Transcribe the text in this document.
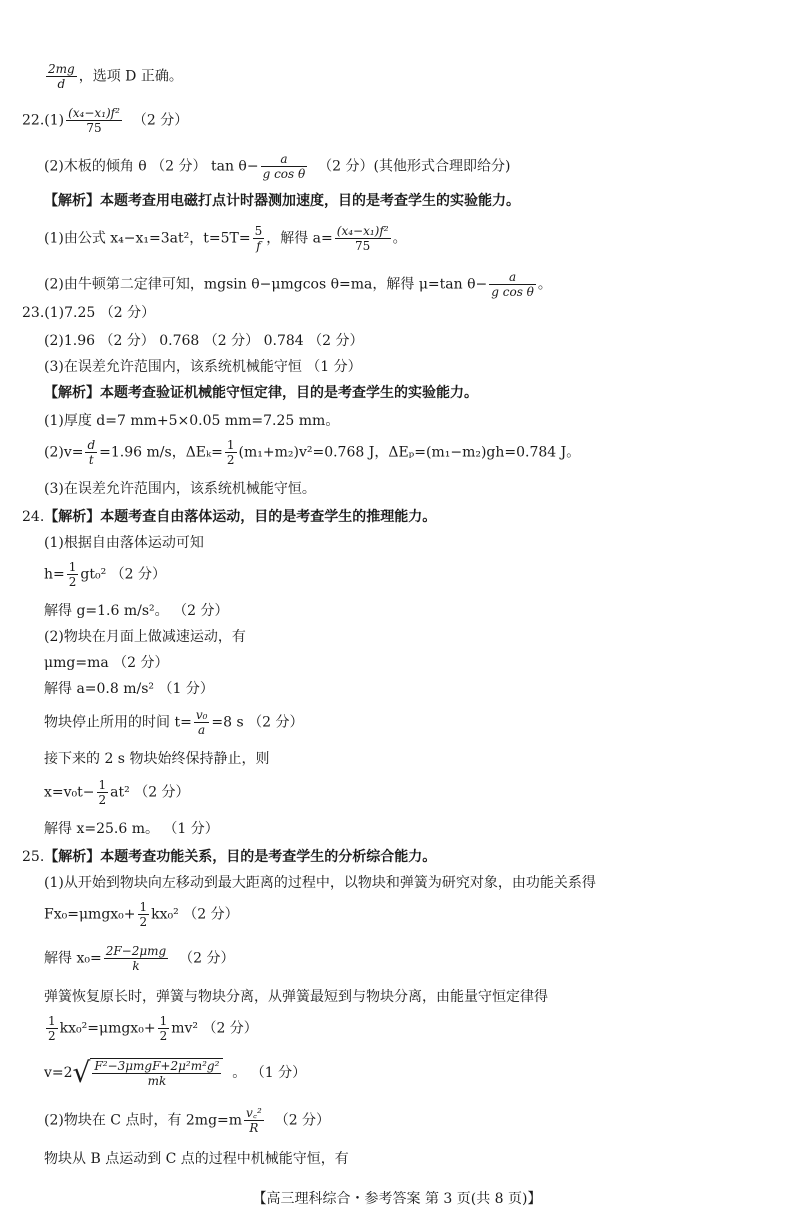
$\frac{2mg}{d}$ ，选项 D 正确。
$22.(1) \frac{\text{(x₄−x₁)f²}}{75} (2$ 分）
(2)木板的倾角 θ （2 分） $\tan \theta- \frac{a}{\text{g cos θ}} (2$ 分）(其他形式合理即给分)
【解析】本题考查用电磁打点计时器测加速度，目的是考查学生的实验能力。
(1)由公式 x₄−x₁=3at²，$t=5T= \frac{5}{f}$ ，解得 $a= \frac{\text{(x₄−x₁)f²}}{75}$ 。
(2)由牛顿第二定律可知，mgsin θ−μmgcos θ=ma，解得 μ=tan $\theta- \frac{a}{\text{g cos θ}}$ 。
23.(1)7.25 （2 分）
(2)1.96 （2 分） 0.768 （2 分） 0.784 （2 分）
(3)在误差允许范围内，该系统机械能守恒 （1 分）
【解析】本题考查验证机械能守恒定律，目的是考查学生的实验能力。
(1)厚度 d=7 mm+5×0.05 mm=7.25 mm。
$(2)v= \frac{d}{t} =1.96$ m/s，$\Delta E_k= \frac{1}{2} (m_1+m_2)v^2=0.768$ J，ΔEₚ=(m₁−m₂)gh=0.784 J。
(3)在误差允许范围内，该系统机械能守恒。
24.【解析】本题考查自由落体运动，目的是考查学生的推理能力。
(1)根据自由落体运动可知
$h= \frac{1}{2} gt_0^2$ （2 分）
解得 g=1.6 m/s²。 （2 分）
(2)物块在月面上做减速运动，有
μmg=ma （2 分）
解得 a=0.8 m/s² （1 分）
物块停止所用的时间 $t= \frac{\text{v₀}}{a} =8$ s （2 分）
接下来的 2 s 物块始终保持静止，则
$x=v_0t- \frac{1}{2} at^2$ （2 分）
解得 x=25.6 m。 （1 分）
25.【解析】本题考查功能关系，目的是考查学生的分析综合能力。
(1)从开始到物块向左移动到最大距离的过程中，以物块和弹簧为研究对象，由功能关系得
$Fx_0=\mu mgx_0+ \frac{1}{2} kx_0^2$ （2 分）
解得 $x_0= \frac{\text{2F−2μmg}}{k} (2$ 分）
弹簧恢复原长时，弹簧与物块分离，从弹簧最短到与物块分离，由能量守恒定律得
$\frac{1}{2} kx_0^2=\mu mgx_0+ \frac{1}{2} mv^2$ （2 分）
$v=2√ \frac{\text{F²−3μmgF+2μ²m²g²}}{mk}$ 。 （1 分）
(2)物块在 C 点时，有 $2mg=m \frac{\text{v꜀²}}{R} (2$ 分）
物块从 B 点运动到 C 点的过程中机械能守恒，有
【高三理科综合・参考答案 第 3 页(共 8 页)】
